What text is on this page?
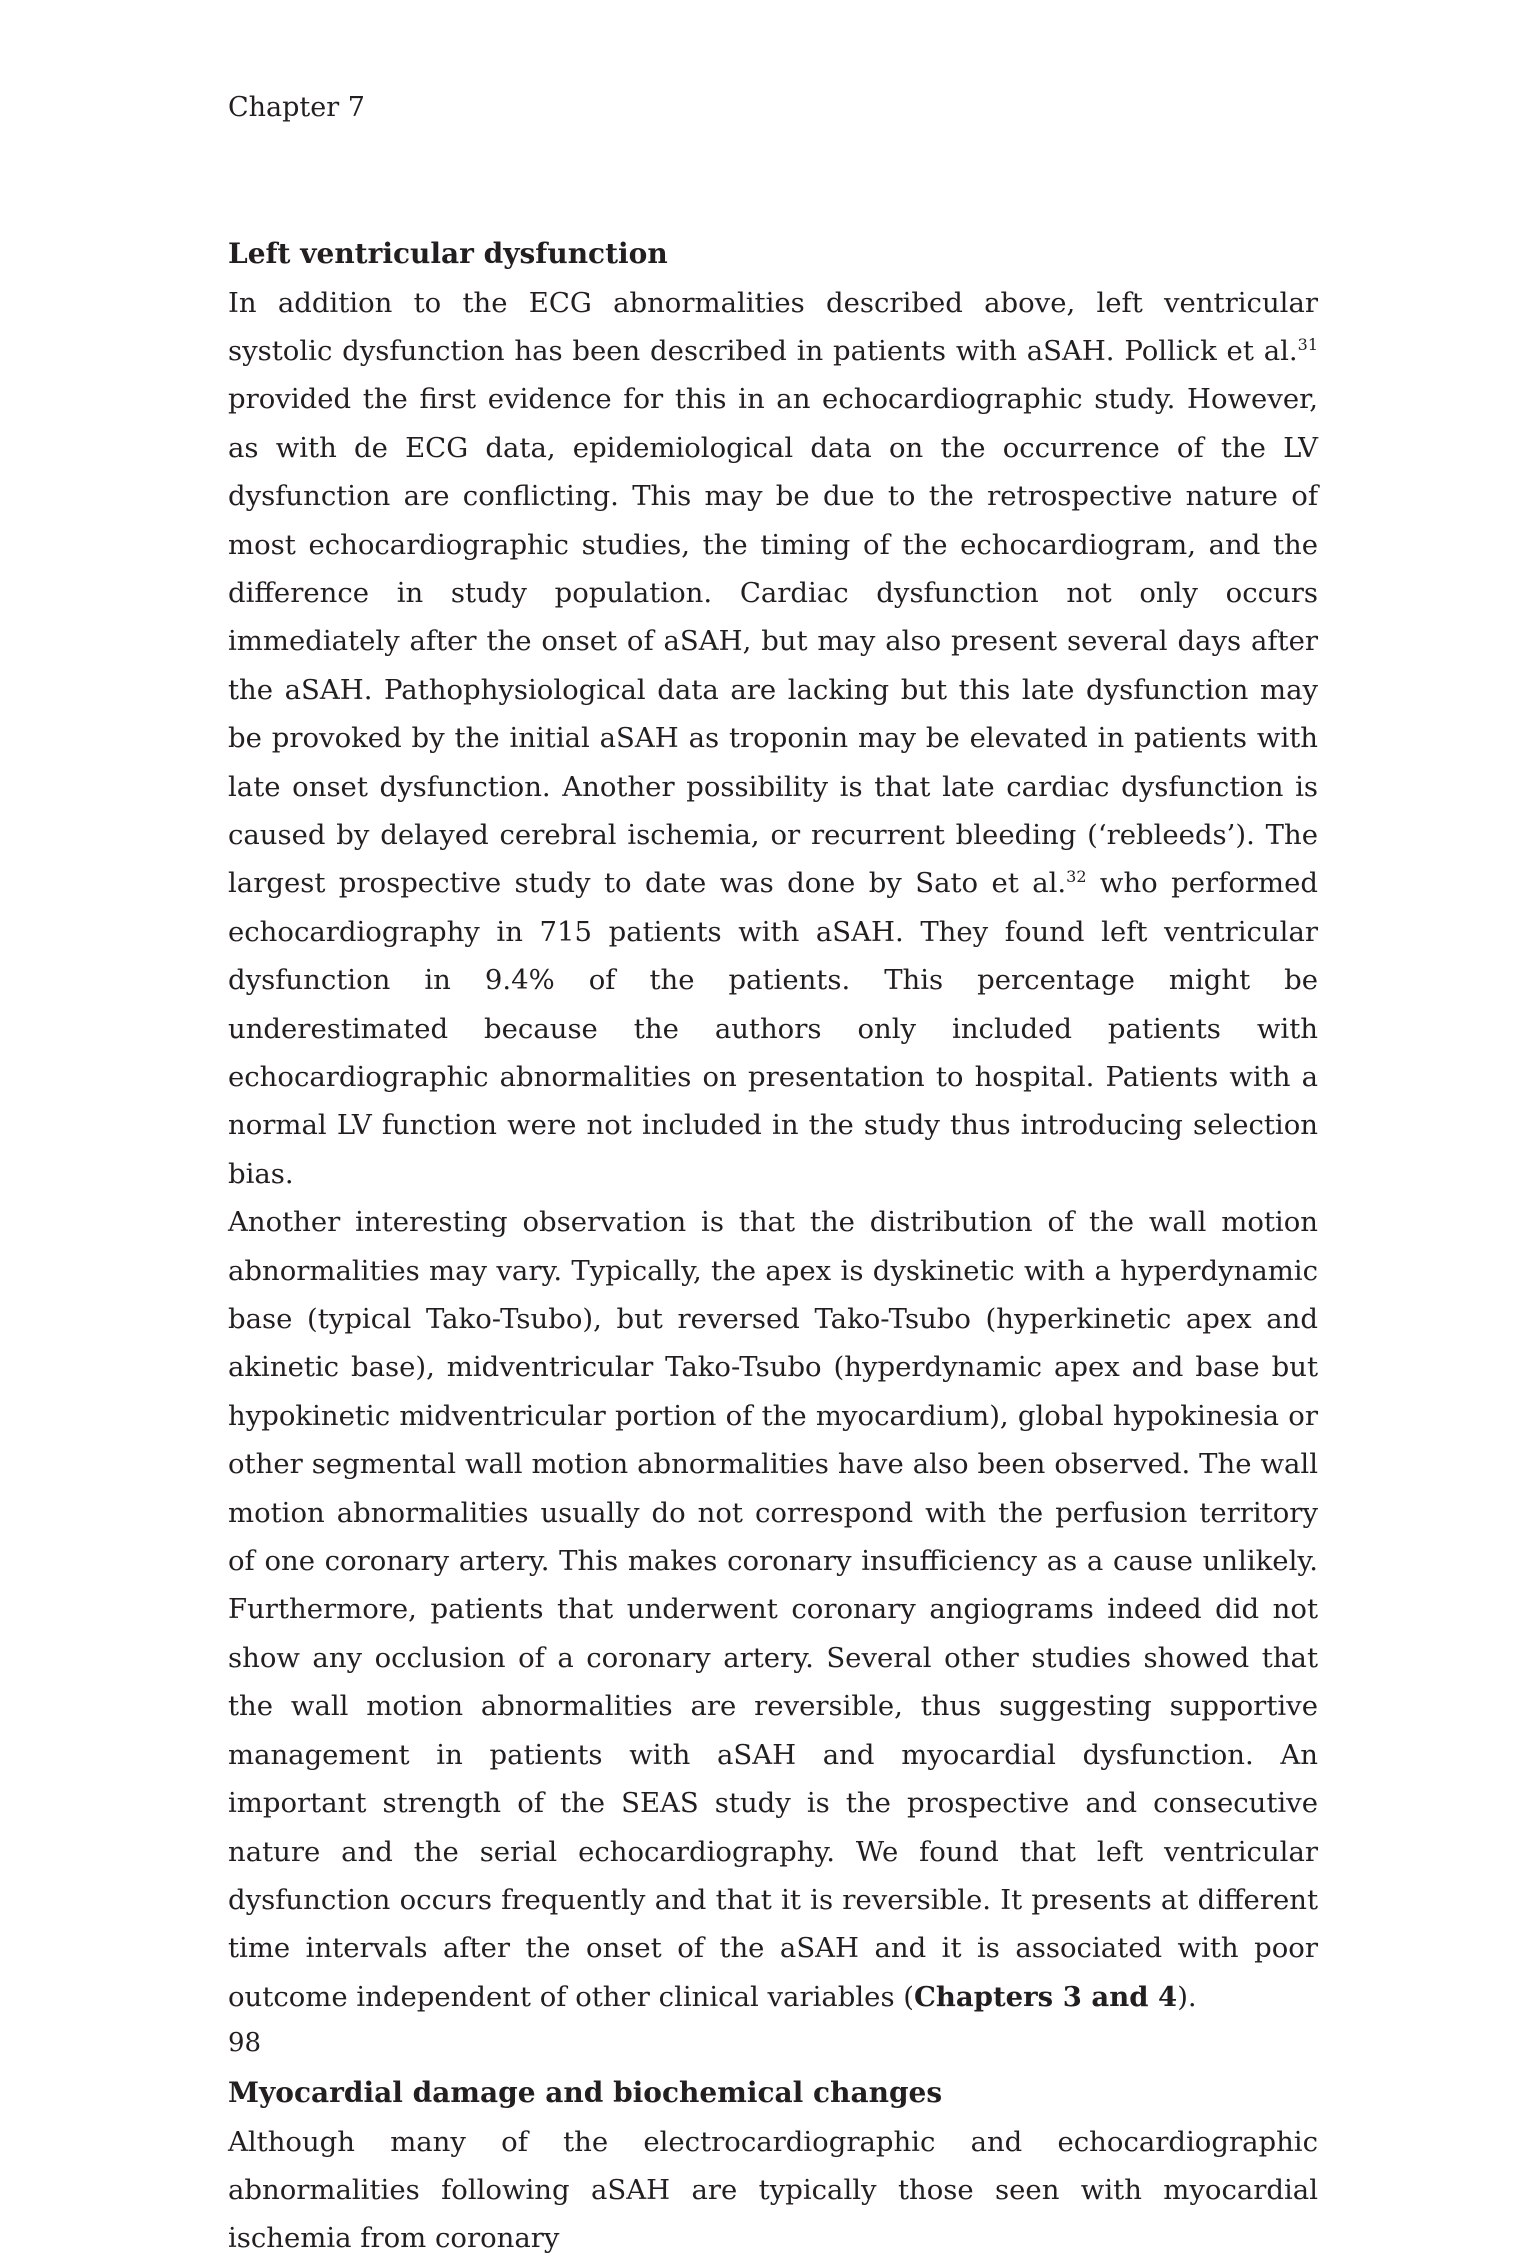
Chapter 7
Left ventricular dysfunction

In addition to the ECG abnormalities described above, left ventricular systolic dysfunction has been described in patients with aSAH. Pollick et al.$^{31}$ provided the first evidence for this in an echocardiographic study. However, as with de ECG data, epidemiological data on the occurrence of the LV dysfunction are conflicting. This may be due to the retrospective nature of most echocardiographic studies, the timing of the echocardiogram, and the difference in study population. Cardiac dysfunction not only occurs immediately after the onset of aSAH, but may also present several days after the aSAH. Pathophysiological data are lacking but this late dysfunction may be provoked by the initial aSAH as troponin may be elevated in patients with late onset dysfunction. Another possibility is that late cardiac dysfunction is caused by delayed cerebral ischemia, or recurrent bleeding (‘rebleeds’). The largest prospective study to date was done by Sato et al.$^{32}$ who performed echocardiography in 715 patients with aSAH. They found left ventricular dysfunction in 9.4% of the patients. This percentage might be underestimated because the authors only included patients with echocardiographic abnormalities on presentation to hospital. Patients with a normal LV function were not included in the study thus introducing selection bias.

Another interesting observation is that the distribution of the wall motion abnormalities may vary. Typically, the apex is dyskinetic with a hyperdynamic base (typical Tako-Tsubo), but reversed Tako-Tsubo (hyperkinetic apex and akinetic base), midventricular Tako-Tsubo (hyperdynamic apex and base but hypokinetic midventricular portion of the myocardium), global hypokinesia or other segmental wall motion abnormalities have also been observed. The wall motion abnormalities usually do not correspond with the perfusion territory of one coronary artery. This makes coronary insufficiency as a cause unlikely. Furthermore, patients that underwent coronary angiograms indeed did not show any occlusion of a coronary artery. Several other studies showed that the wall motion abnormalities are reversible, thus suggesting supportive management in patients with aSAH and myocardial dysfunction. An important strength of the SEAS study is the prospective and consecutive nature and the serial echocardiography. We found that left ventricular dysfunction occurs frequently and that it is reversible. It presents at different time intervals after the onset of the aSAH and it is associated with poor outcome independent of other clinical variables (Chapters 3 and 4).

Myocardial damage and biochemical changes

Although many of the electrocardiographic and echocardiographic abnormalities following aSAH are typically those seen with myocardial ischemia from coronary

98
